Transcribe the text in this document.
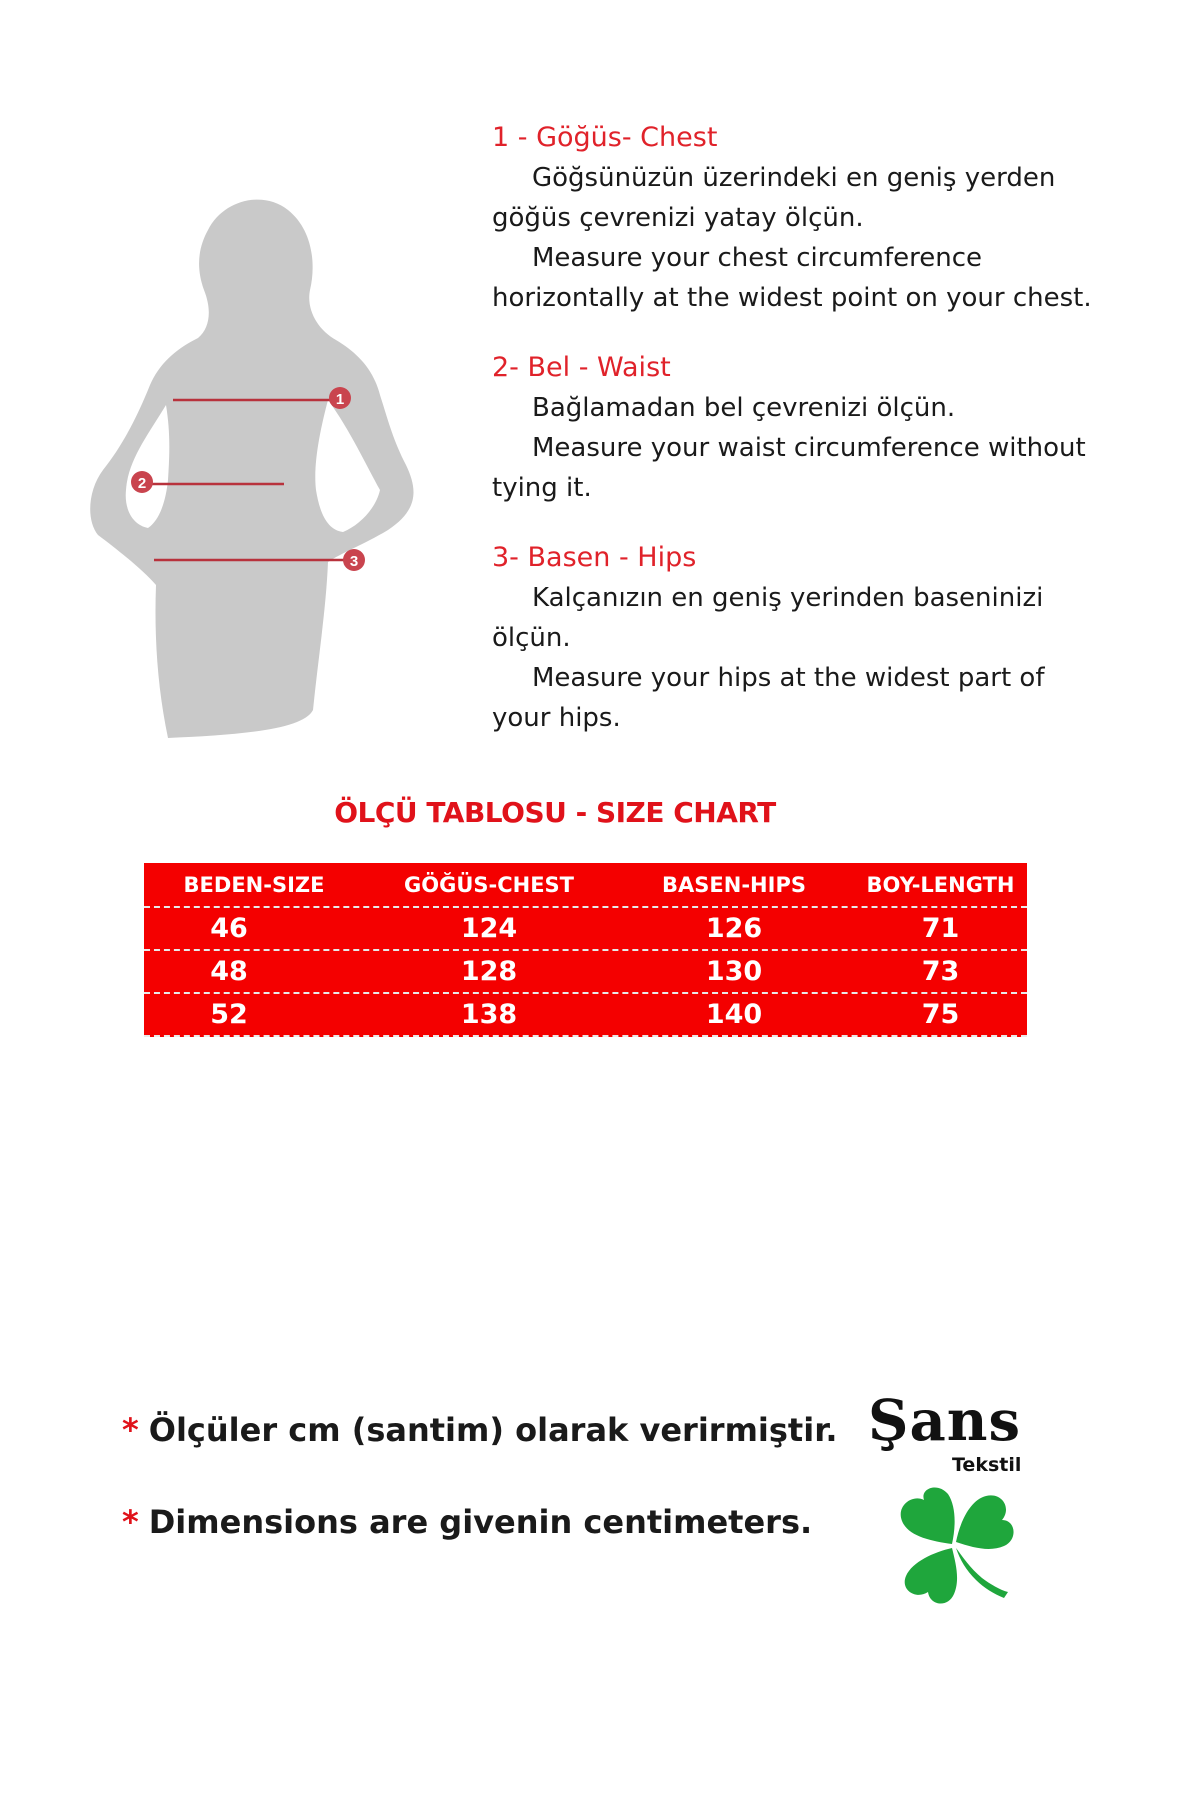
1
2
3
1 - Göğüs- Chest

Göğsünüzün üzerindeki en geniş yerden

göğüs çevrenizi yatay ölçün.

Measure your chest circumference

horizontally at the widest point on your chest.

2- Bel - Waist

Bağlamadan bel çevrenizi ölçün.

Measure your waist circumference without

tying it.

3- Basen - Hips

Kalçanızın en geniş yerinden baseninizi

ölçün.

Measure your hips at the widest part of

your hips.

ÖLÇÜ TABLOSU - SIZE CHART
BEDEN-SIZE	GÖĞÜS-CHEST	BASEN-HIPS	BOY-LENGTH
46	124	126	71
48	128	130	73
52	138	140	75

* Ölçüler cm (santim) olarak verirmiştir.

* Dimensions are givenin centimeters.

Şans
Tekstil
